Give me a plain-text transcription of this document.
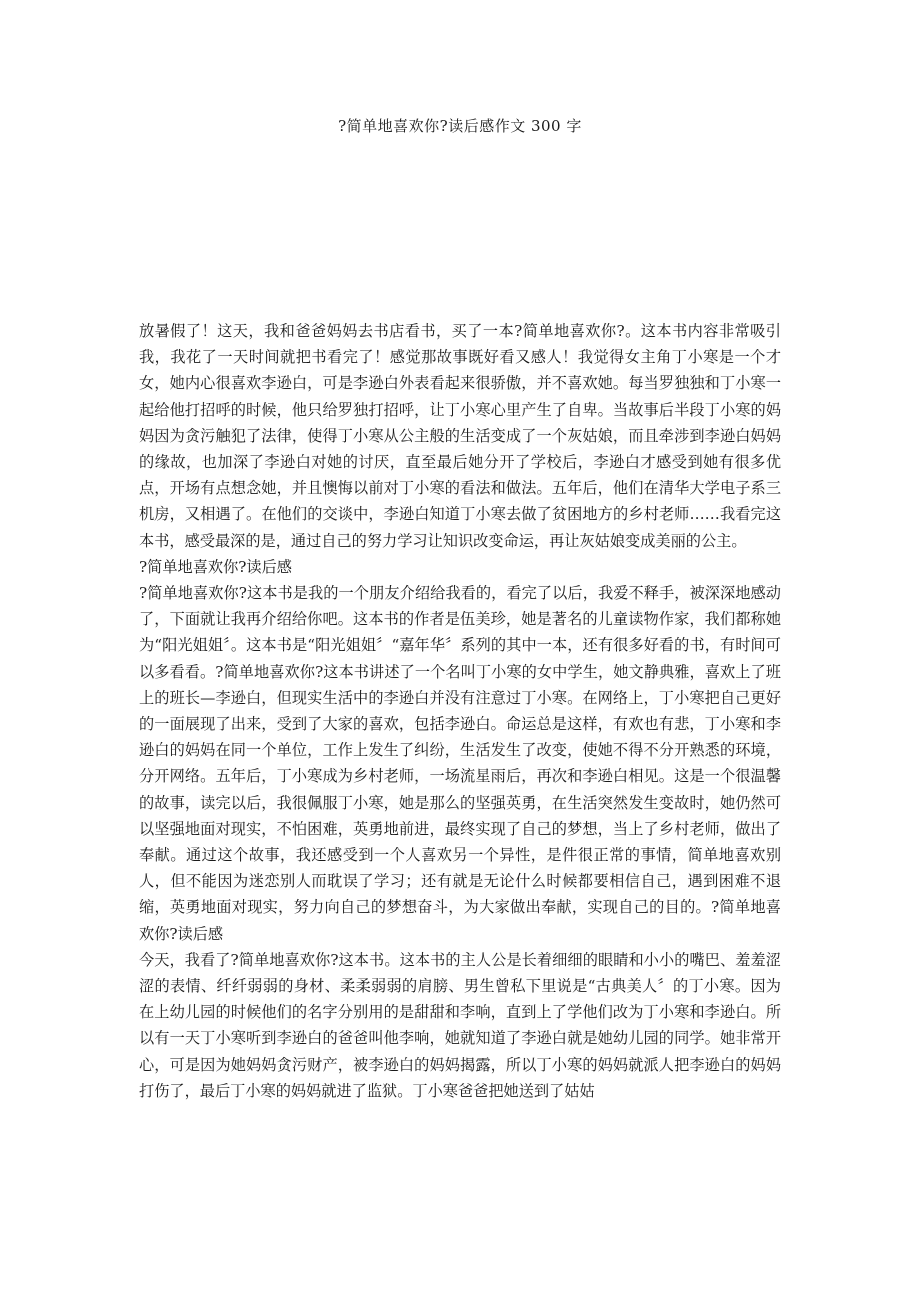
?简单地喜欢你?读后感作文 300 字

放暑假了！这天，我和爸爸妈妈去书店看书，买了一本?简单地喜欢你?。这本书内容非常吸引我，我花了一天时间就把书看完了！感觉那故事既好看又感人！我觉得女主角丁小寒是一个才女，她内心很喜欢李逊白，可是李逊白外表看起来很骄傲，并不喜欢她。每当罗独独和丁小寒一起给他打招呼的时候，他只给罗独打招呼，让丁小寒心里产生了自卑。当故事后半段丁小寒的妈妈因为贪污触犯了法律，使得丁小寒从公主般的生活变成了一个灰姑娘，而且牵涉到李逊白妈妈的缘故，也加深了李逊白对她的讨厌，直至最后她分开了学校后，李逊白才感受到她有很多优点，开场有点想念她，并且懊悔以前对丁小寒的看法和做法。五年后，他们在清华大学电子系三机房，又相遇了。在他们的交谈中，李逊白知道丁小寒去做了贫困地方的乡村老师……我看完这本书，感受最深的是，通过自己的努力学习让知识改变命运，再让灰姑娘变成美丽的公主。

?简单地喜欢你?读后感

?简单地喜欢你?这本书是我的一个朋友介绍给我看的，看完了以后，我爱不释手，被深深地感动了，下面就让我再介绍给你吧。这本书的作者是伍美珍，她是著名的儿童读物作家，我们都称她为“阳光姐姐〞。这本书是“阳光姐姐〞“嘉年华〞系列的其中一本，还有很多好看的书，有时间可以多看看。?简单地喜欢你?这本书讲述了一个名叫丁小寒的女中学生，她文静典雅，喜欢上了班上的班长—李逊白，但现实生活中的李逊白并没有注意过丁小寒。在网络上，丁小寒把自己更好的一面展现了出来，受到了大家的喜欢，包括李逊白。命运总是这样，有欢也有悲，丁小寒和李逊白的妈妈在同一个单位，工作上发生了纠纷，生活发生了改变，使她不得不分开熟悉的环境，分开网络。五年后，丁小寒成为乡村老师，一场流星雨后，再次和李逊白相见。这是一个很温馨的故事，读完以后，我很佩服丁小寒，她是那么的坚强英勇，在生活突然发生变故时，她仍然可以坚强地面对现实，不怕困难，英勇地前进，最终实现了自己的梦想，当上了乡村老师，做出了奉献。通过这个故事，我还感受到一个人喜欢另一个异性，是件很正常的事情，简单地喜欢别人，但不能因为迷恋别人而耽误了学习；还有就是无论什么时候都要相信自己，遇到困难不退缩，英勇地面对现实，努力向自己的梦想奋斗，为大家做出奉献，实现自己的目的。?简单地喜欢你?读后感

今天，我看了?简单地喜欢你?这本书。这本书的主人公是长着细细的眼睛和小小的嘴巴、羞羞涩涩的表情、纤纤弱弱的身材、柔柔弱弱的肩膀、男生曾私下里说是“古典美人〞的丁小寒。因为在上幼儿园的时候他们的名字分别用的是甜甜和李响，直到上了学他们改为丁小寒和李逊白。所以有一天丁小寒听到李逊白的爸爸叫他李响，她就知道了李逊白就是她幼儿园的同学。她非常开心，可是因为她妈妈贪污财产，被李逊白的妈妈揭露，所以丁小寒的妈妈就派人把李逊白的妈妈打伤了，最后丁小寒的妈妈就进了监狱。丁小寒爸爸把她送到了姑姑
